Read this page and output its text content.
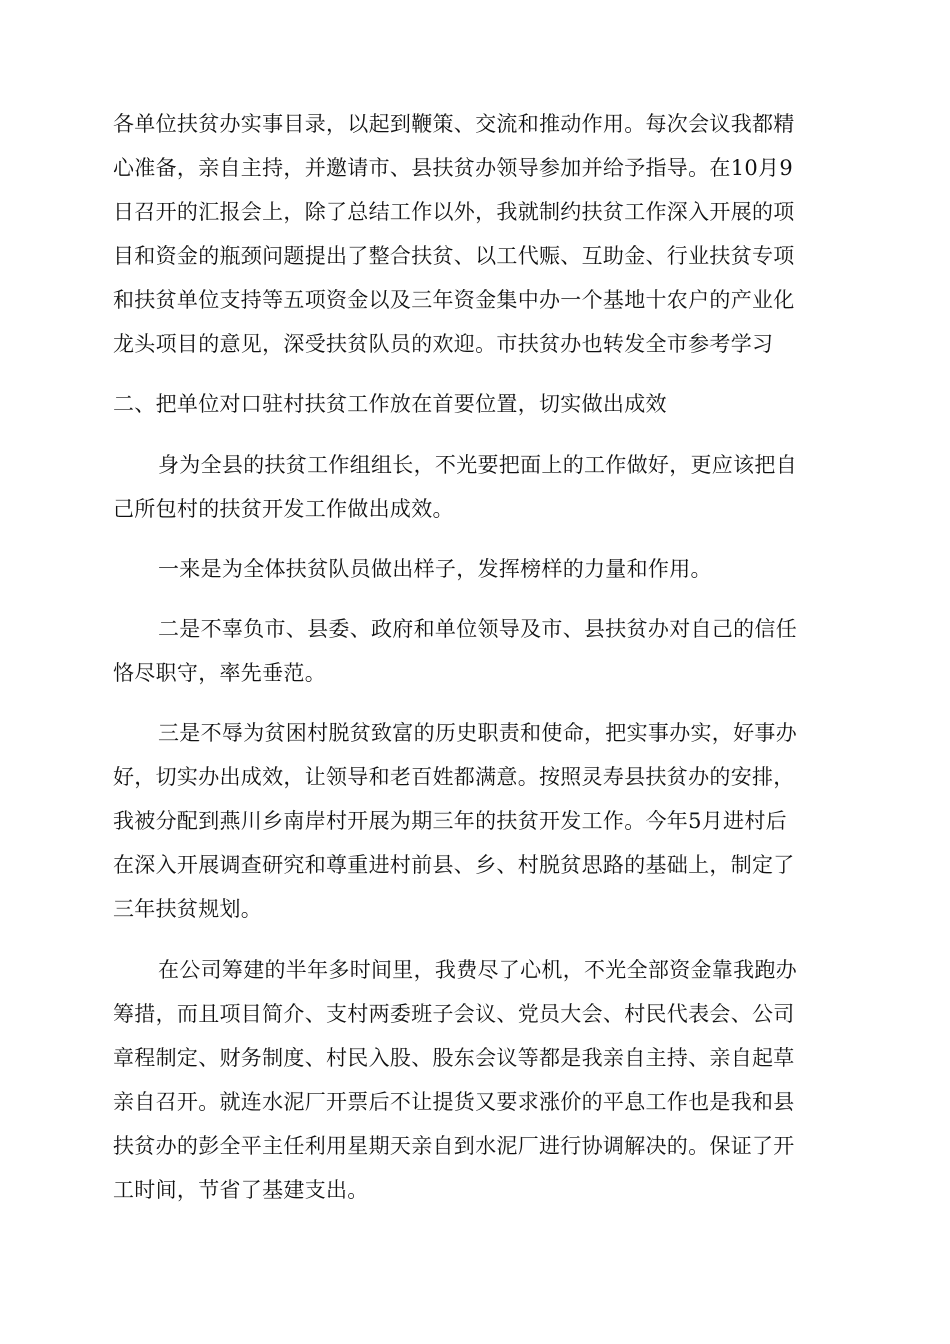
各单位扶贫办实事目录，以起到鞭策、交流和推动作用。每次会议我都精
心准备，亲自主持，并邀请市、县扶贫办领导参加并给予指导。在10月9
日召开的汇报会上，除了总结工作以外，我就制约扶贫工作深入开展的项
目和资金的瓶颈问题提出了整合扶贫、以工代赈、互助金、行业扶贫专项
和扶贫单位支持等五项资金以及三年资金集中办一个基地十农户的产业化
龙头项目的意见，深受扶贫队员的欢迎。市扶贫办也转发全市参考学习
二、把单位对口驻村扶贫工作放在首要位置，切实做出成效
身为全县的扶贫工作组组长，不光要把面上的工作做好，更应该把自
己所包村的扶贫开发工作做出成效。
一来是为全体扶贫队员做出样子，发挥榜样的力量和作用。
二是不辜负市、县委、政府和单位领导及市、县扶贫办对自己的信任
恪尽职守，率先垂范。
三是不辱为贫困村脱贫致富的历史职责和使命，把实事办实，好事办
好，切实办出成效，让领导和老百姓都满意。按照灵寿县扶贫办的安排，
我被分配到燕川乡南岸村开展为期三年的扶贫开发工作。今年5月进村后
在深入开展调查研究和尊重进村前县、乡、村脱贫思路的基础上，制定了
三年扶贫规划。
在公司筹建的半年多时间里，我费尽了心机，不光全部资金靠我跑办
筹措，而且项目简介、支村两委班子会议、党员大会、村民代表会、公司
章程制定、财务制度、村民入股、股东会议等都是我亲自主持、亲自起草
亲自召开。就连水泥厂开票后不让提货又要求涨价的平息工作也是我和县
扶贫办的彭全平主任利用星期天亲自到水泥厂进行协调解决的。保证了开
工时间，节省了基建支出。
